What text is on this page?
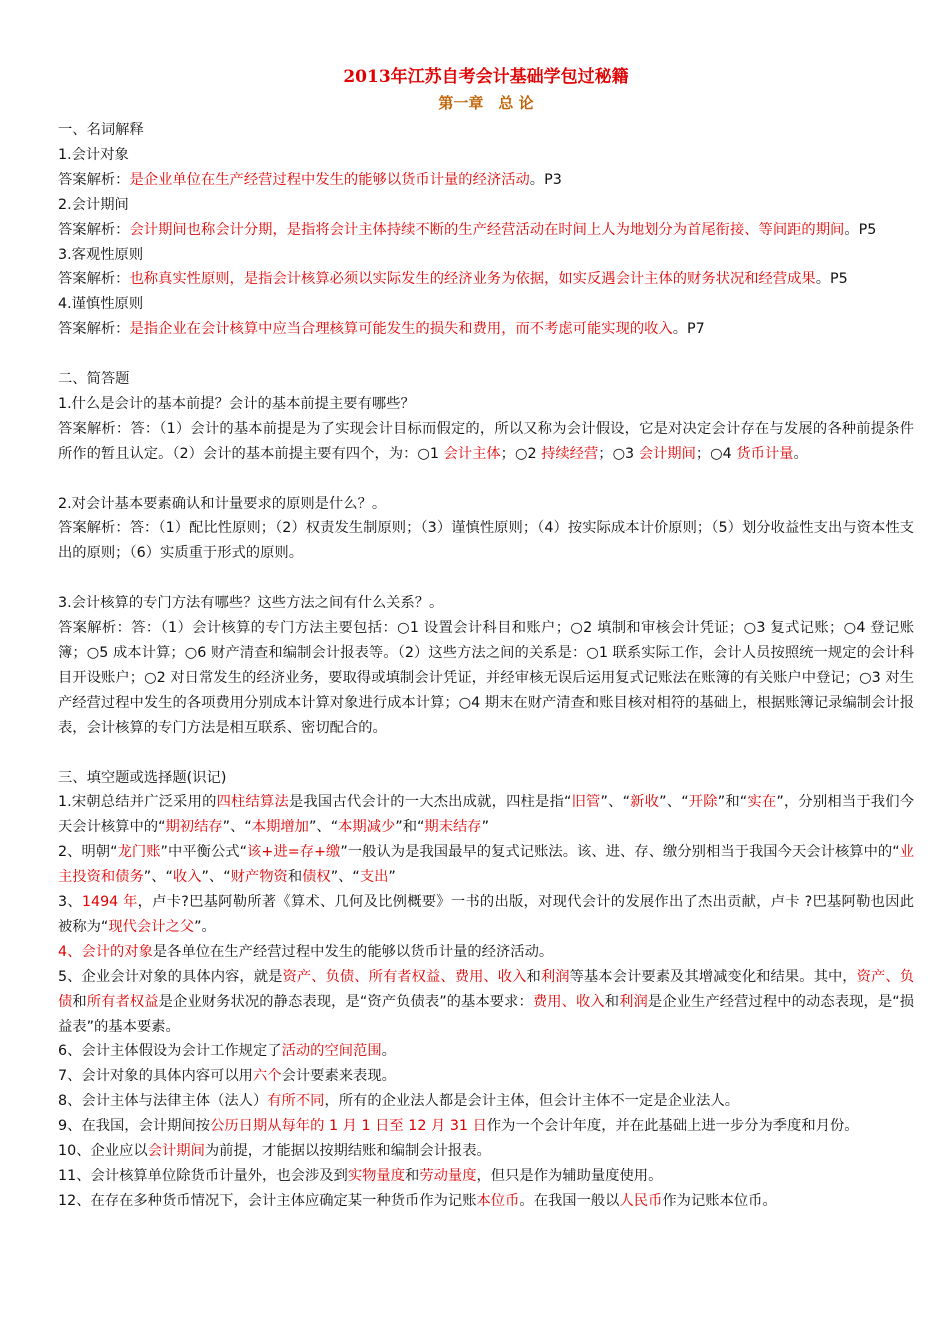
2013年江苏自考会计基础学包过秘籍
第一章　总 论
一、名词解释
1.会计对象
答案解析：是企业单位在生产经营过程中发生的能够以货币计量的经济活动。P3
2.会计期间
答案解析：会计期间也称会计分期，是指将会计主体持续不断的生产经营活动在时间上人为地划分为首尾衔接、等间距的期间。P5
3.客观性原则
答案解析：也称真实性原则，是指会计核算必须以实际发生的经济业务为依据，如实反遇会计主体的财务状况和经营成果。P5
4.谨慎性原则
答案解析：是指企业在会计核算中应当合理核算可能发生的损失和费用，而不考虑可能实现的收入。P7
二、简答题
1.什么是会计的基本前提？会计的基本前提主要有哪些？
答案解析：答：（1）会计的基本前提是为了实现会计目标而假定的，所以又称为会计假设，它是对决定会计存在与发展的各种前提条件所作的暂且认定。（2）会计的基本前提主要有四个，为：○1 会计主体；○2 持续经营；○3 会计期间；○4 货币计量。
2.对会计基本要素确认和计量要求的原则是什么？。
答案解析：答：（1）配比性原则；（2）权责发生制原则；（3）谨慎性原则；（4）按实际成本计价原则；（5）划分收益性支出与资本性支出的原则；（6）实质重于形式的原则。
3.会计核算的专门方法有哪些？这些方法之间有什么关系？。
答案解析：答：（1）会计核算的专门方法主要包括：○1 设置会计科目和账户；○2 填制和审核会计凭证；○3 复式记账；○4 登记账簿；○5 成本计算；○6 财产清查和编制会计报表等。（2）这些方法之间的关系是：○1 联系实际工作，会计人员按照统一规定的会计科目开设账户；○2 对日常发生的经济业务，要取得或填制会计凭证，并经审核无误后运用复式记账法在账簿的有关账户中登记；○3 对生产经营过程中发生的各项费用分别成本计算对象进行成本计算；○4 期末在财产清查和账目核对相符的基础上，根据账簿记录编制会计报表，会计核算的专门方法是相互联系、密切配合的。
三、填空题或选择题(识记)
1.宋朝总结并广泛采用的四柱结算法是我国古代会计的一大杰出成就，四柱是指“旧管”、“新收”、“开除”和“实在”，分别相当于我们今天会计核算中的“期初结存”、“本期增加”、“本期减少”和“期末结存”
2、明朝“龙门账”中平衡公式“该+进=存+缴”一般认为是我国最早的复式记账法。该、进、存、缴分别相当于我国今天会计核算中的“业主投资和债务”、“收入”、“财产物资和债权”、“支出”
3、1494 年，卢卡?巴基阿勒所著《算术、几何及比例概要》一书的出版，对现代会计的发展作出了杰出贡献，卢卡 ?巴基阿勒也因此被称为“现代会计之父”。
4、会计的对象是各单位在生产经营过程中发生的能够以货币计量的经济活动。
5、企业会计对象的具体内容，就是资产、负债、所有者权益、费用、收入和利润等基本会计要素及其增减变化和结果。其中，资产、负债和所有者权益是企业财务状况的静态表现，是“资产负债表”的基本要求：费用、收入和利润是企业生产经营过程中的动态表现，是“损益表”的基本要素。
6、会计主体假设为会计工作规定了活动的空间范围。
7、会计对象的具体内容可以用六个会计要素来表现。
8、会计主体与法律主体（法人）有所不同，所有的企业法人都是会计主体，但会计主体不一定是企业法人。
9、在我国，会计期间按公历日期从每年的 1 月 1 日至 12 月 31 日作为一个会计年度，并在此基础上进一步分为季度和月份。
10、企业应以会计期间为前提，才能据以按期结账和编制会计报表。
11、会计核算单位除货币计量外，也会涉及到实物量度和劳动量度，但只是作为辅助量度使用。
12、在存在多种货币情况下，会计主体应确定某一种货币作为记账本位币。在我国一般以人民币作为记账本位币。
